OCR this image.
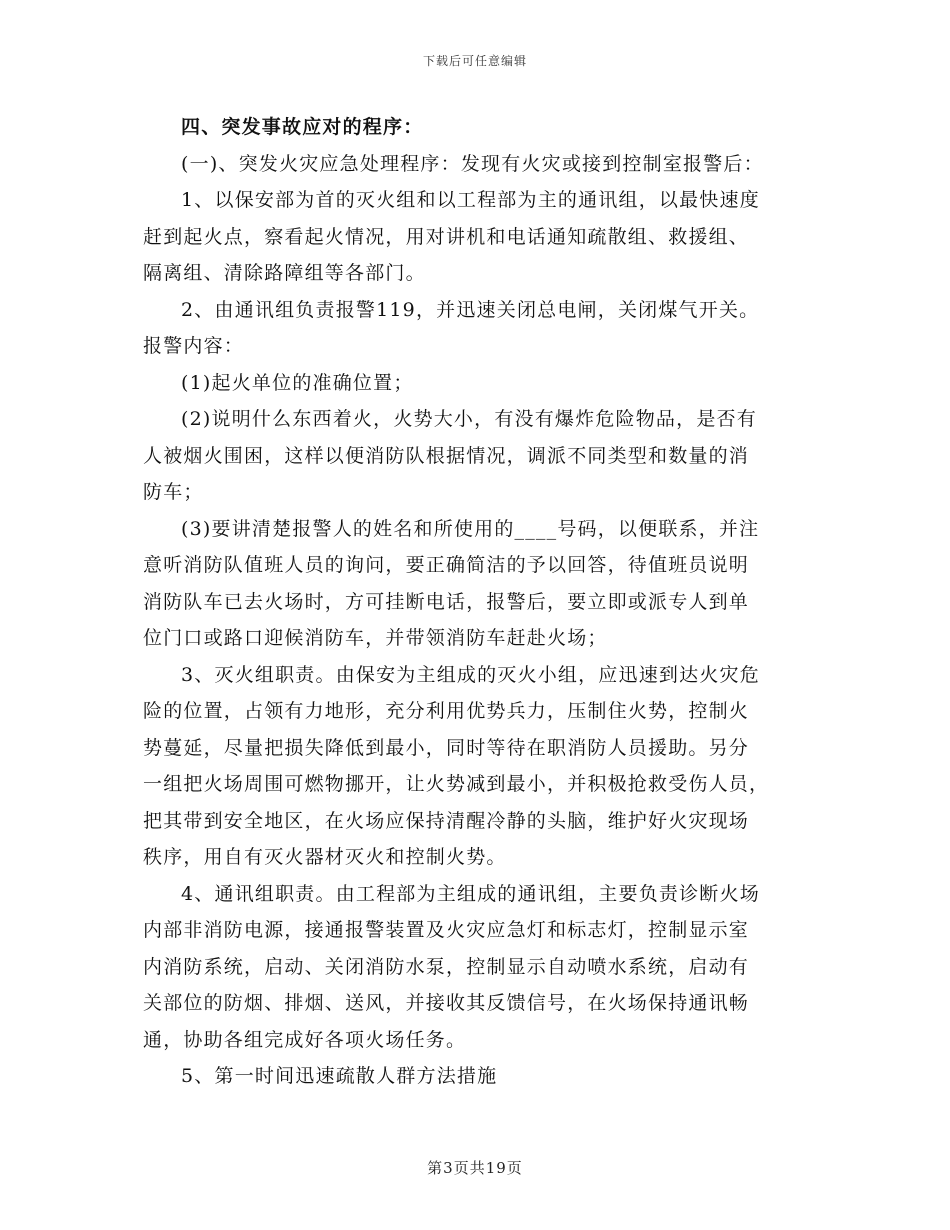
下载后可任意编辑
四、突发事故应对的程序：
(一)、突发火灾应急处理程序：发现有火灾或接到控制室报警后：
1、以保安部为首的灭火组和以工程部为主的通讯组，以最快速度
赶到起火点，察看起火情况，用对讲机和电话通知疏散组、救援组、
隔离组、清除路障组等各部门。
2、由通讯组负责报警119，并迅速关闭总电闸，关闭煤气开关。
报警内容：
(1)起火单位的准确位置；
(2)说明什么东西着火，火势大小，有没有爆炸危险物品，是否有
人被烟火围困，这样以便消防队根据情况，调派不同类型和数量的消
防车；
(3)要讲清楚报警人的姓名和所使用的____号码，以便联系，并注
意听消防队值班人员的询问，要正确简洁的予以回答，待值班员说明
消防队车已去火场时，方可挂断电话，报警后，要立即或派专人到单
位门口或路口迎候消防车，并带领消防车赶赴火场；
3、灭火组职责。由保安为主组成的灭火小组，应迅速到达火灾危
险的位置，占领有力地形，充分利用优势兵力，压制住火势，控制火
势蔓延，尽量把损失降低到最小，同时等待在职消防人员援助。另分
一组把火场周围可燃物挪开，让火势减到最小，并积极抢救受伤人员，
把其带到安全地区，在火场应保持清醒冷静的头脑，维护好火灾现场
秩序，用自有灭火器材灭火和控制火势。
4、通讯组职责。由工程部为主组成的通讯组，主要负责诊断火场
内部非消防电源，接通报警装置及火灾应急灯和标志灯，控制显示室
内消防系统，启动、关闭消防水泵，控制显示自动喷水系统，启动有
关部位的防烟、排烟、送风，并接收其反馈信号，在火场保持通讯畅
通，协助各组完成好各项火场任务。
5、第一时间迅速疏散人群方法措施
第3页共19页
